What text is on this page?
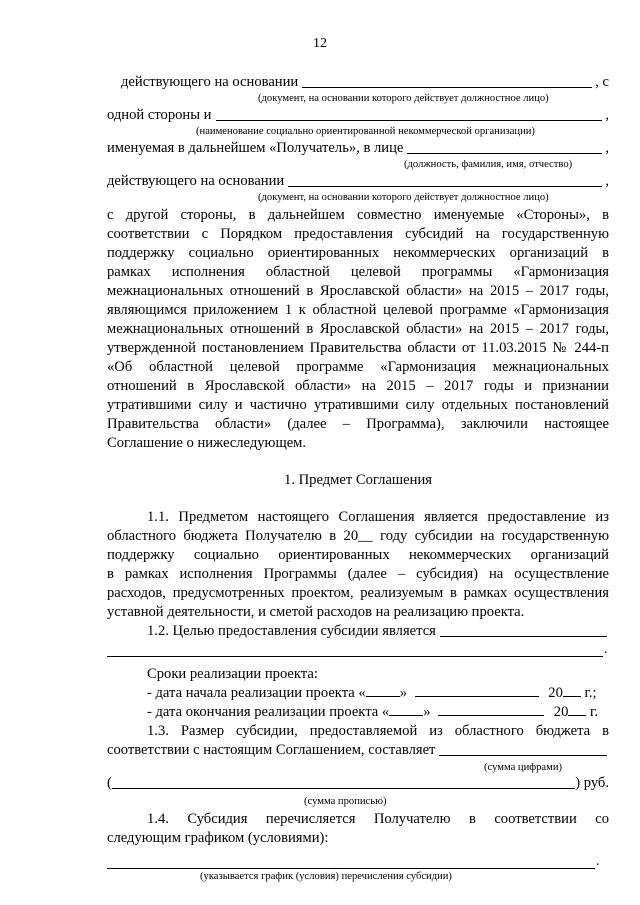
12
действующего на основании	, с
(документ, на основании которого действует должностное лицо)
одной стороны и	,
(наименование социально ориентированной некоммерческой организации)
именуемая в дальнейшем «Получатель», в лице	,
(должность, фамилия, имя, отчество)
действующего на основании	,
(документ, на основании которого действует должностное лицо)
с другой стороны, в дальнейшем совместно именуемые «Стороны», в
соответствии с Порядком предоставления субсидий на государственную
поддержку социально ориентированных некоммерческих организаций в
рамках исполнения областной целевой программы «Гармонизация
межнациональных отношений в Ярославской области» на 2015 – 2017 годы,
являющимся приложением 1 к областной целевой программе «Гармонизация
межнациональных отношений в Ярославской области» на 2015 – 2017 годы,
утвержденной постановлением Правительства области от 11.03.2015 № 244-п
«Об областной целевой программе «Гармонизация межнациональных
отношений в Ярославской области» на 2015 – 2017 годы и признании
утратившими силу и частично утратившими силу отдельных постановлений
Правительства области» (далее – Программа), заключили настоящее
Соглашение о нижеследующем.
1. Предмет Соглашения
1.1. Предметом настоящего Соглашения является предоставление из
областного бюджета Получателю в 20__ году субсидии на государственную
поддержку социально ориентированных некоммерческих организаций
в рамках исполнения Программы (далее – субсидия) на осуществление
расходов, предусмотренных проектом, реализуемым в рамках осуществления
уставной деятельности, и сметой расходов на реализацию проекта.
1.2. Целью предоставления субсидии является
.
Сроки реализации проекта:
- дата начала реализации проекта « »	20 г.;
- дата окончания реализации проекта « »	20 г.
1.3. Размер субсидии, предоставляемой из областного бюджета в
соответствии с настоящим Соглашением, составляет
(сумма цифрами)
(	) руб.
(сумма прописью)
1.4. Субсидия перечисляется Получателю в соответствии со
следующим графиком (условиями):
.
(указывается график (условия) перечисления субсидии)
